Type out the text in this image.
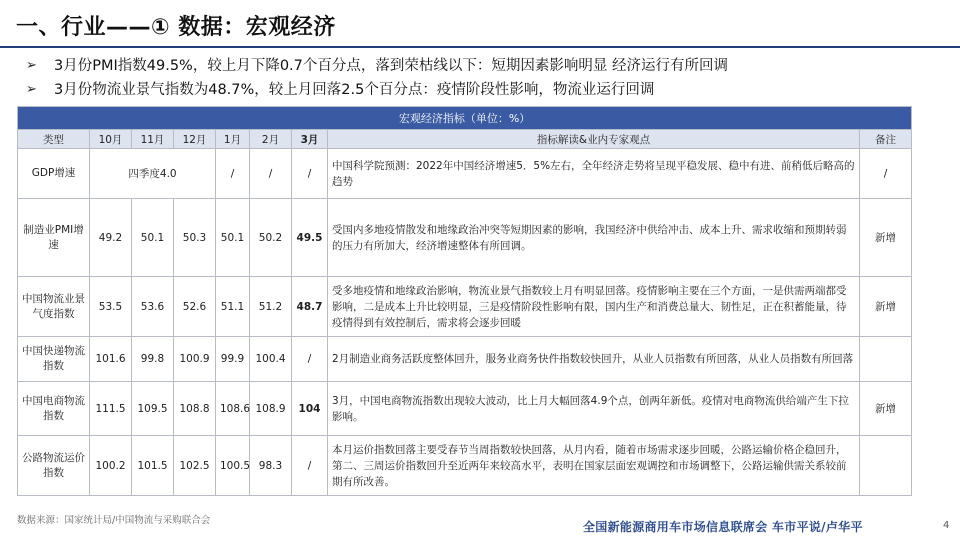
一、行业——① 数据：宏观经济
➢ 3月份PMI指数49.5%，较上月下降0.7个百分点，落到荣枯线以下：短期因素影响明显 经济运行有所回调
➢ 3月份物流业景气指数为48.7%，较上月回落2.5个百分点：疫情阶段性影响，物流业运行回调
宏观经济指标（单位：%）								
类型	10月	11月	12月	1月	2月	3月	指标解读&业内专家观点	备注
GDP增速	四季度4.0			/	/	/	中国科学院预测：2022年中国经济增速5．5%左右，全年经济走势将呈现平稳发展、稳中有进、前稍低后略高的趋势	/
制造业PMI增速	49.2	50.1	50.3	50.1	50.2	49.5	受国内多地疫情散发和地缘政治冲突等短期因素的影响，我国经济中供给冲击、成本上升、需求收缩和预期转弱的压力有所加大，经济增速整体有所回调。	新增
中国物流业景气度指数	53.5	53.6	52.6	51.1	51.2	48.7	受多地疫情和地缘政治影响，物流业景气指数较上月有明显回落。疫情影响主要在三个方面，一是供需两端都受影响，二是成本上升比较明显，三是疫情阶段性影响有限，国内生产和消费总量大、韧性足，正在积蓄能量，待疫情得到有效控制后，需求将会逐步回暖	新增
中国快递物流指数	101.6	99.8	100.9	99.9	100.4	/	2月制造业商务活跃度整体回升，服务业商务快件指数较快回升，从业人员指数有所回落，从业人员指数有所回落	
中国电商物流指数	111.5	109.5	108.8	108.6	108.9	104	3月，中国电商物流指数出现较大波动，比上月大幅回落4.9个点，创两年新低。疫情对电商物流供给端产生下拉影响。	新增
公路物流运价指数	100.2	101.5	102.5	100.5	98.3	/	本月运价指数回落主要受春节当周指数较快回落，从月内看，随着市场需求逐步回暖，公路运输价格企稳回升，第二、三周运价指数回升至近两年来较高水平，表明在国家层面宏观调控和市场调整下，公路运输供需关系较前期有所改善。	
数据来源：国家统计局/中国物流与采购联合会	全国新能源商用车市场信息联席会 车市平说/卢华平	4
